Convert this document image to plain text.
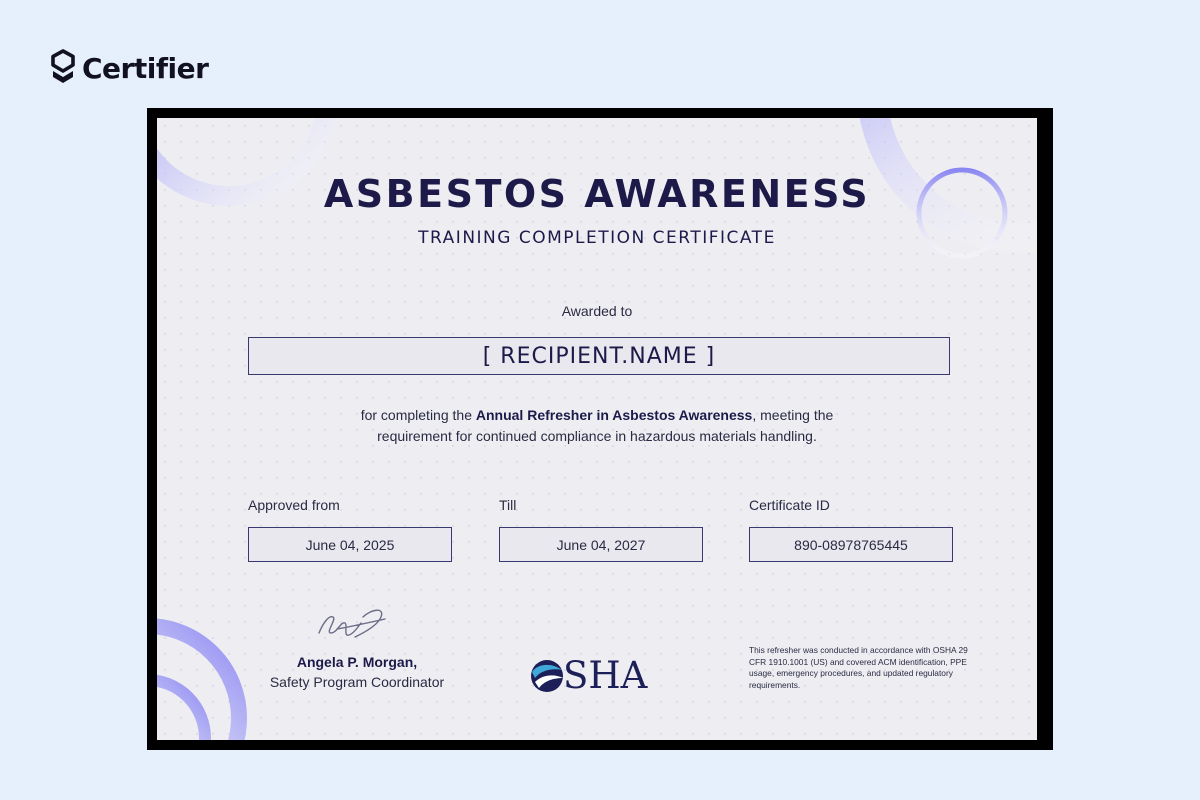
Certifier
ASBESTOS AWARENESS
TRAINING COMPLETION CERTIFICATE
Awarded to
[ RECIPIENT.NAME ]
for completing the Annual Refresher in Asbestos Awareness, meeting the
requirement for continued compliance in hazardous materials handling.
Approved from
June 04, 2025
Till
June 04, 2027
Certificate ID
890-08978765445
Angela P. Morgan,
Safety Program Coordinator	SHA
This refresher was conducted in accordance with OSHA 29 CFR 1910.1001 (US) and covered ACM identification, PPE usage, emergency procedures, and updated regulatory requirements.
